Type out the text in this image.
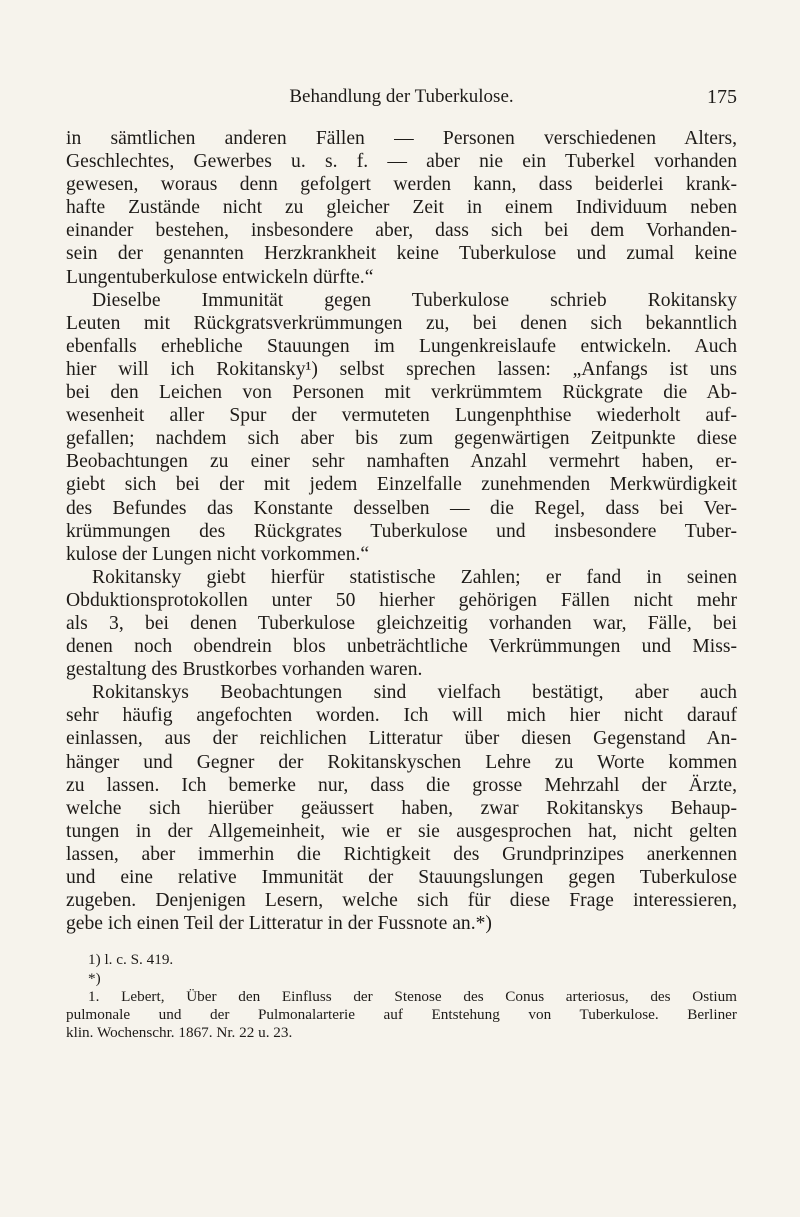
Behandlung der Tuberkulose.	175
in sämtlichen anderen Fällen — Personen verschiedenen Alters,
Geschlechtes, Gewerbes u. s. f. — aber nie ein Tuberkel vorhanden
gewesen, woraus denn gefolgert werden kann, dass beiderlei krank-
hafte Zustände nicht zu gleicher Zeit in einem Individuum neben
einander bestehen, insbesondere aber, dass sich bei dem Vorhanden-
sein der genannten Herzkrankheit keine Tuberkulose und zumal keine
Lungentuberkulose entwickeln dürfte.“
Dieselbe Immunität gegen Tuberkulose schrieb Rokitansky
Leuten mit Rückgratsverkrümmungen zu, bei denen sich bekanntlich
ebenfalls erhebliche Stauungen im Lungenkreislaufe entwickeln. Auch
hier will ich Rokitansky¹) selbst sprechen lassen: „Anfangs ist uns
bei den Leichen von Personen mit verkrümmtem Rückgrate die Ab-
wesenheit aller Spur der vermuteten Lungenphthise wiederholt auf-
gefallen; nachdem sich aber bis zum gegenwärtigen Zeitpunkte diese
Beobachtungen zu einer sehr namhaften Anzahl vermehrt haben, er-
giebt sich bei der mit jedem Einzelfalle zunehmenden Merkwürdigkeit
des Befundes das Konstante desselben — die Regel, dass bei Ver-
krümmungen des Rückgrates Tuberkulose und insbesondere Tuber-
kulose der Lungen nicht vorkommen.“
Rokitansky giebt hierfür statistische Zahlen; er fand in seinen
Obduktionsprotokollen unter 50 hierher gehörigen Fällen nicht mehr
als 3, bei denen Tuberkulose gleichzeitig vorhanden war, Fälle, bei
denen noch obendrein blos unbeträchtliche Verkrümmungen und Miss-
gestaltung des Brustkorbes vorhanden waren.
Rokitanskys Beobachtungen sind vielfach bestätigt, aber auch
sehr häufig angefochten worden. Ich will mich hier nicht darauf
einlassen, aus der reichlichen Litteratur über diesen Gegenstand An-
hänger und Gegner der Rokitanskyschen Lehre zu Worte kommen
zu lassen. Ich bemerke nur, dass die grosse Mehrzahl der Ärzte,
welche sich hierüber geäussert haben, zwar Rokitanskys Behaup-
tungen in der Allgemeinheit, wie er sie ausgesprochen hat, nicht gelten
lassen, aber immerhin die Richtigkeit des Grundprinzipes anerkennen
und eine relative Immunität der Stauungslungen gegen Tuberkulose
zugeben. Denjenigen Lesern, welche sich für diese Frage interessieren,
gebe ich einen Teil der Litteratur in der Fussnote an.*)
1) l. c. S. 419.
*)
1. Lebert, Über den Einfluss der Stenose des Conus arteriosus, des Ostium
pulmonale und der Pulmonalarterie auf Entstehung von Tuberkulose. Berliner
klin. Wochenschr. 1867. Nr. 22 u. 23.
